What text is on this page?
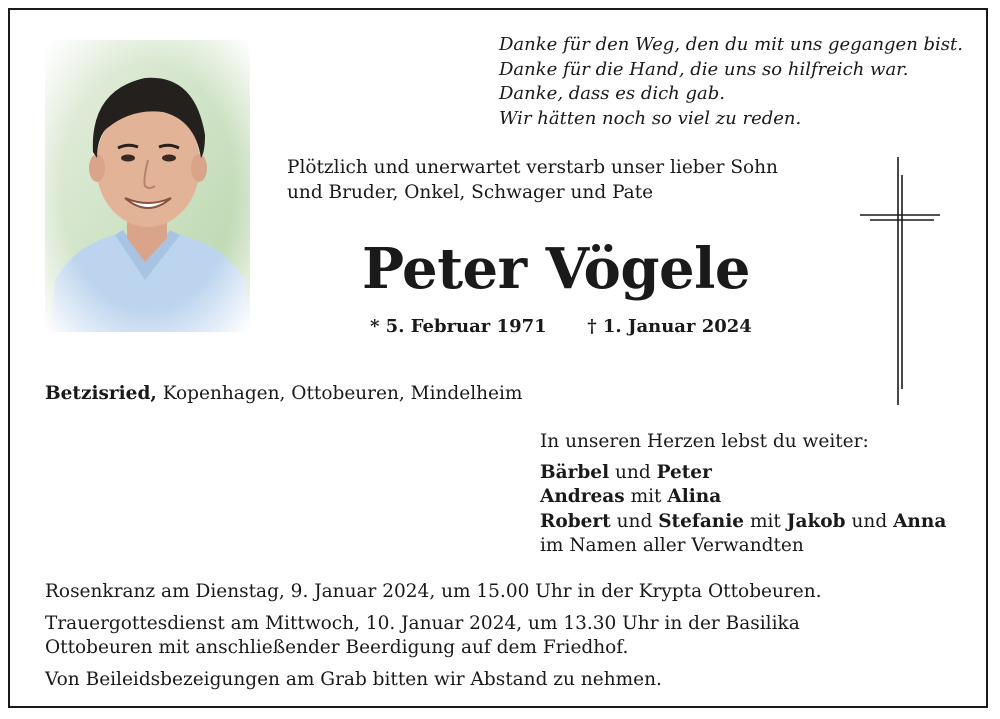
Danke für den Weg, den du mit uns gegangen bist.
Danke für die Hand, die uns so hilfreich war.
Danke, dass es dich gab.
Wir hätten noch so viel zu reden.
Plötzlich und unerwartet verstarb unser lieber Sohn
und Bruder, Onkel, Schwager und Pate
Peter Vögele
* 5. Februar 1971 † 1. Januar 2024
Betzisried, Kopenhagen, Ottobeuren, Mindelheim
In unseren Herzen lebst du weiter:
Bärbel und Peter
Andreas mit Alina
Robert und Stefanie mit Jakob und Anna
im Namen aller Verwandten

Rosenkranz am Dienstag, 9. Januar 2024, um 15.00 Uhr in der Krypta Ottobeuren.

Trauergottesdienst am Mittwoch, 10. Januar 2024, um 13.30 Uhr in der Basilika
Ottobeuren mit anschließender Beerdigung auf dem Friedhof.

Von Beileidsbezeigungen am Grab bitten wir Abstand zu nehmen.
